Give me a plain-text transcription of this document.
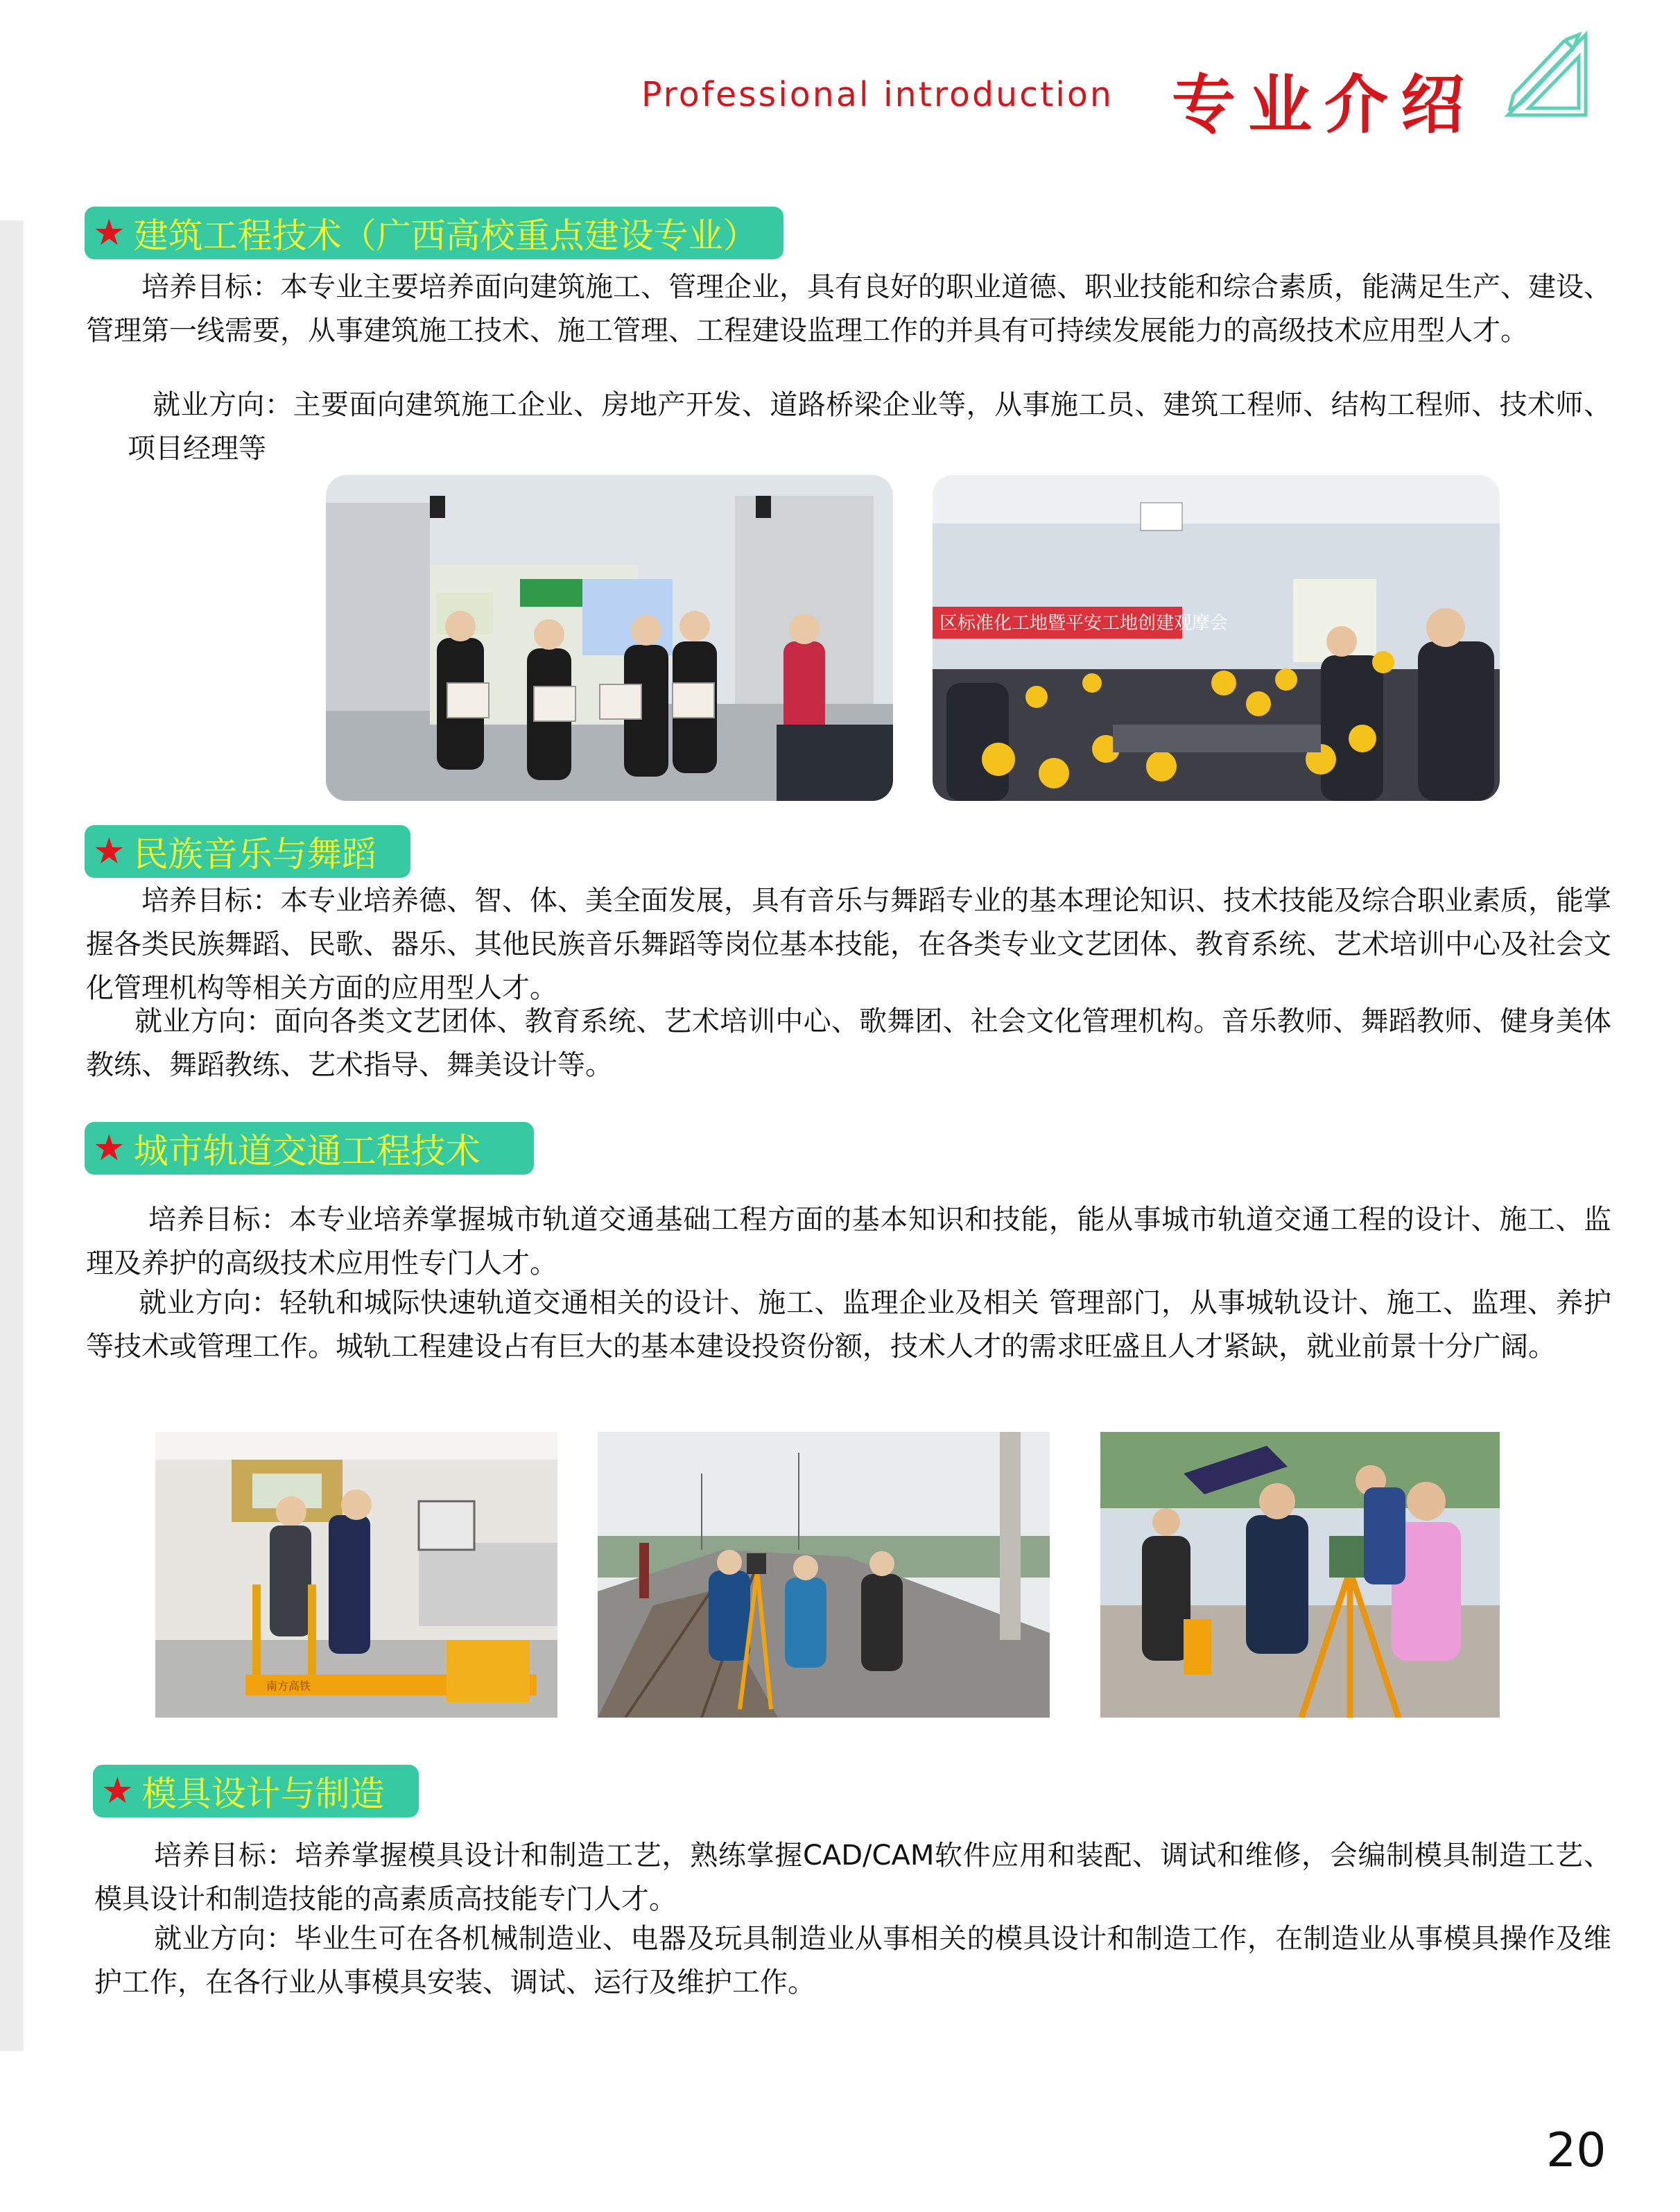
Professional introduction 专业介绍
★ 建筑工程技术（广西高校重点建设专业）
培养目标：本专业主要培养面向建筑施工、管理企业，具有良好的职业道德、职业技能和综合素质，能满足生产、建设、管理第一线需要，从事建筑施工技术、施工管理、工程建设监理工作的并具有可持续发展能力的高级技术应用型人才。
就业方向：主要面向建筑施工企业、房地产开发、道路桥梁企业等，从事施工员、建筑工程师、结构工程师、技术师、项目经理等
区标准化工地暨平安工地创建观摩会
★ 民族音乐与舞蹈
培养目标：本专业培养德、智、体、美全面发展，具有音乐与舞蹈专业的基本理论知识、技术技能及综合职业素质，能掌握各类民族舞蹈、民歌、器乐、其他民族音乐舞蹈等岗位基本技能，在各类专业文艺团体、教育系统、艺术培训中心及社会文化管理机构等相关方面的应用型人才。
就业方向：面向各类文艺团体、教育系统、艺术培训中心、歌舞团、社会文化管理机构。音乐教师、舞蹈教师、健身美体教练、舞蹈教练、艺术指导、舞美设计等。
★ 城市轨道交通工程技术
培养目标：本专业培养掌握城市轨道交通基础工程方面的基本知识和技能，能从事城市轨道交通工程的设计、施工、监理及养护的高级技术应用性专门人才。
就业方向：轻轨和城际快速轨道交通相关的设计、施工、监理企业及相关 管理部门，从事城轨设计、施工、监理、养护等技术或管理工作。城轨工程建设占有巨大的基本建设投资份额，技术人才的需求旺盛且人才紧缺，就业前景十分广阔。
南方高铁
★ 模具设计与制造
培养目标：培养掌握模具设计和制造工艺，熟练掌握CAD/CAM软件应用和装配、调试和维修，会编制模具制造工艺、模具设计和制造技能的高素质高技能专门人才。
就业方向：毕业生可在各机械制造业、电器及玩具制造业从事相关的模具设计和制造工作，在制造业从事模具操作及维护工作，在各行业从事模具安装、调试、运行及维护工作。
20
